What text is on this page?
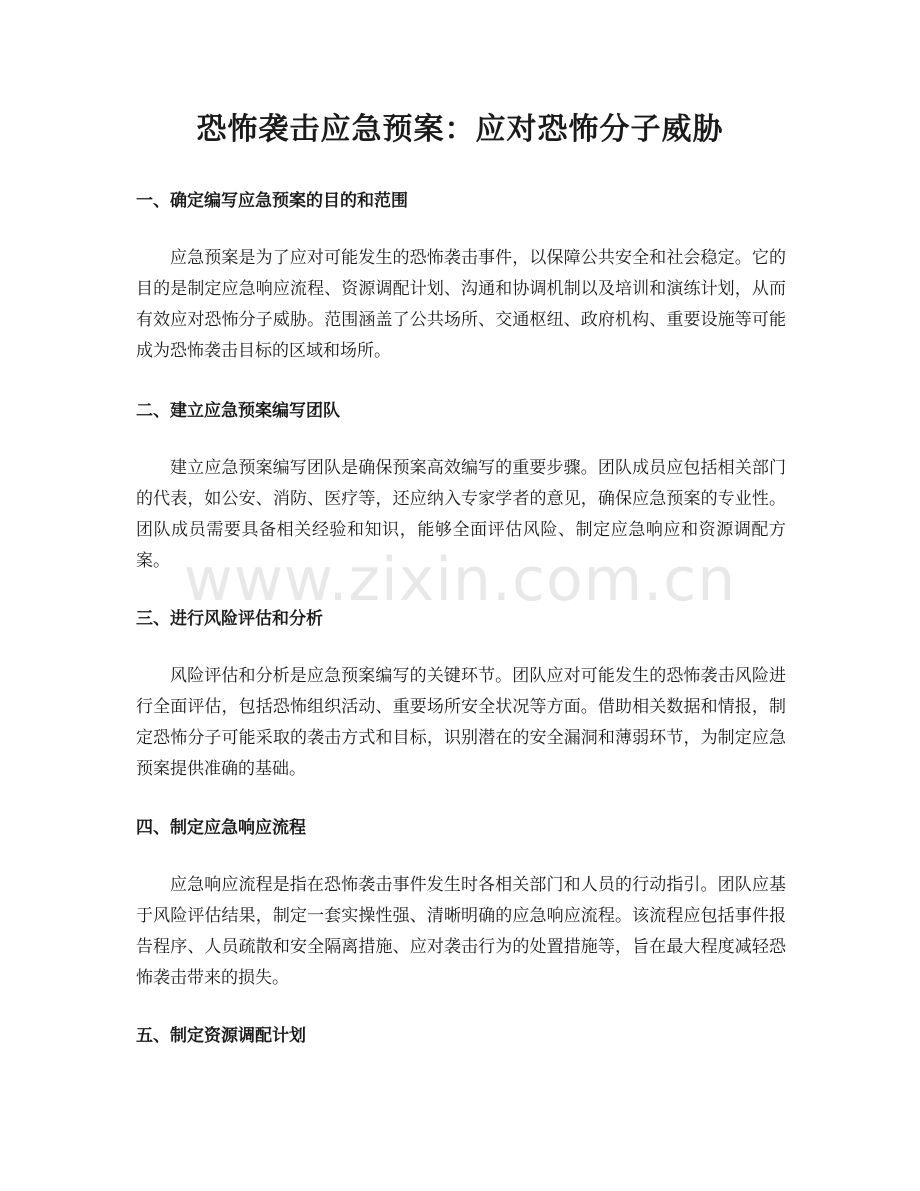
恐怖袭击应急预案：应对恐怖分子威胁
一、确定编写应急预案的目的和范围

应急预案是为了应对可能发生的恐怖袭击事件，以保障公共安全和社会稳定。它的目的是制定应急响应流程、资源调配计划、沟通和协调机制以及培训和演练计划，从而有效应对恐怖分子威胁。范围涵盖了公共场所、交通枢纽、政府机构、重要设施等可能成为恐怖袭击目标的区域和场所。

二、建立应急预案编写团队

建立应急预案编写团队是确保预案高效编写的重要步骤。团队成员应包括相关部门的代表，如公安、消防、医疗等，还应纳入专家学者的意见，确保应急预案的专业性。团队成员需要具备相关经验和知识，能够全面评估风险、制定应急响应和资源调配方案。

三、进行风险评估和分析

风险评估和分析是应急预案编写的关键环节。团队应对可能发生的恐怖袭击风险进行全面评估，包括恐怖组织活动、重要场所安全状况等方面。借助相关数据和情报，制定恐怖分子可能采取的袭击方式和目标，识别潜在的安全漏洞和薄弱环节，为制定应急预案提供准确的基础。

四、制定应急响应流程

应急响应流程是指在恐怖袭击事件发生时各相关部门和人员的行动指引。团队应基于风险评估结果，制定一套实操性强、清晰明确的应急响应流程。该流程应包括事件报告程序、人员疏散和安全隔离措施、应对袭击行为的处置措施等，旨在最大程度减轻恐怖袭击带来的损失。

五、制定资源调配计划
www.zixin.com.cn
